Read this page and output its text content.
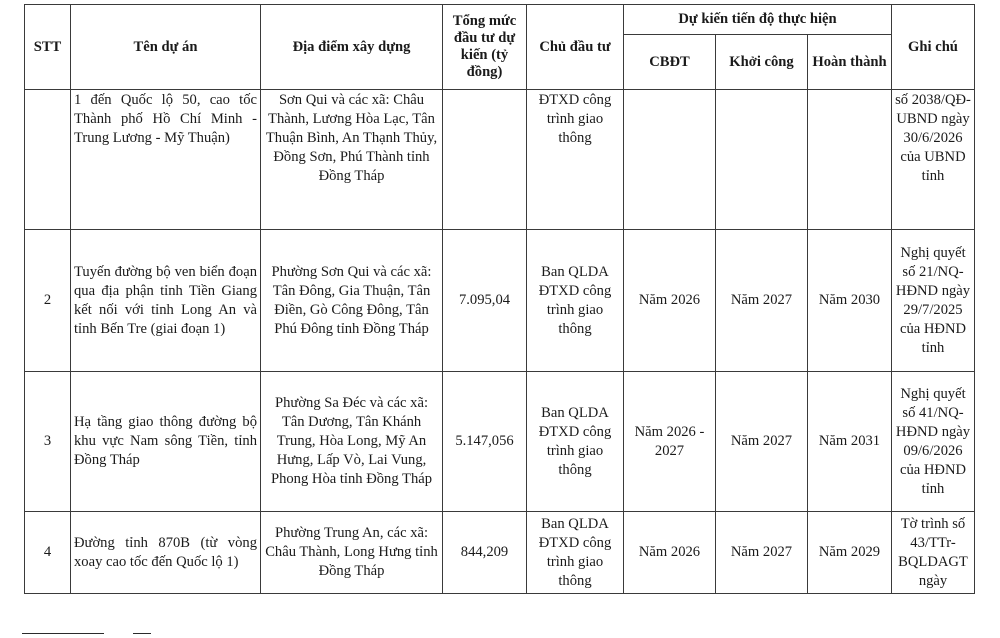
STT	Tên dự án	Địa điểm xây dựng	Tổng mức đầu tư dự kiến (tỷ đồng)	Chủ đầu tư	Dự kiến tiến độ thực hiện			Ghi chú
					CBĐT	Khởi công	Hoàn thành	
	1 đến Quốc lộ 50, cao tốc Thành phố Hồ Chí Minh - Trung Lương - Mỹ Thuận)	Sơn Qui và các xã: Châu Thành, Lương Hòa Lạc, Tân Thuận Bình, An Thạnh Thủy, Đồng Sơn, Phú Thành tỉnh Đồng Tháp		ĐTXD công trình giao thông				số 2038/QĐ-UBND ngày 30/6/2026 của UBND tỉnh
2	Tuyến đường bộ ven biển đoạn qua địa phận tỉnh Tiền Giang kết nối với tỉnh Long An và tỉnh Bến Tre (giai đoạn 1)	Phường Sơn Qui và các xã: Tân Đông, Gia Thuận, Tân Điền, Gò Công Đông, Tân Phú Đông tỉnh Đồng Tháp	7.095,04	Ban QLDA ĐTXD công trình giao thông	Năm 2026	Năm 2027	Năm 2030	Nghị quyết số 21/NQ-HĐND ngày 29/7/2025 của HĐND tỉnh
3	Hạ tầng giao thông đường bộ khu vực Nam sông Tiền, tỉnh Đồng Tháp	Phường Sa Đéc và các xã: Tân Dương, Tân Khánh Trung, Hòa Long, Mỹ An Hưng, Lấp Vò, Lai Vung, Phong Hòa tỉnh Đồng Tháp	5.147,056	Ban QLDA ĐTXD công trình giao thông	Năm 2026 - 2027	Năm 2027	Năm 2031	Nghị quyết số 41/NQ-HĐND ngày 09/6/2026 của HĐND tỉnh
4	Đường tỉnh 870B (từ vòng xoay cao tốc đến Quốc lộ 1)	Phường Trung An, các xã: Châu Thành, Long Hưng tỉnh Đồng Tháp	844,209	Ban QLDA ĐTXD công trình giao thông	Năm 2026	Năm 2027	Năm 2029	Tờ trình số 43/TTr-BQLDAGT ngày
